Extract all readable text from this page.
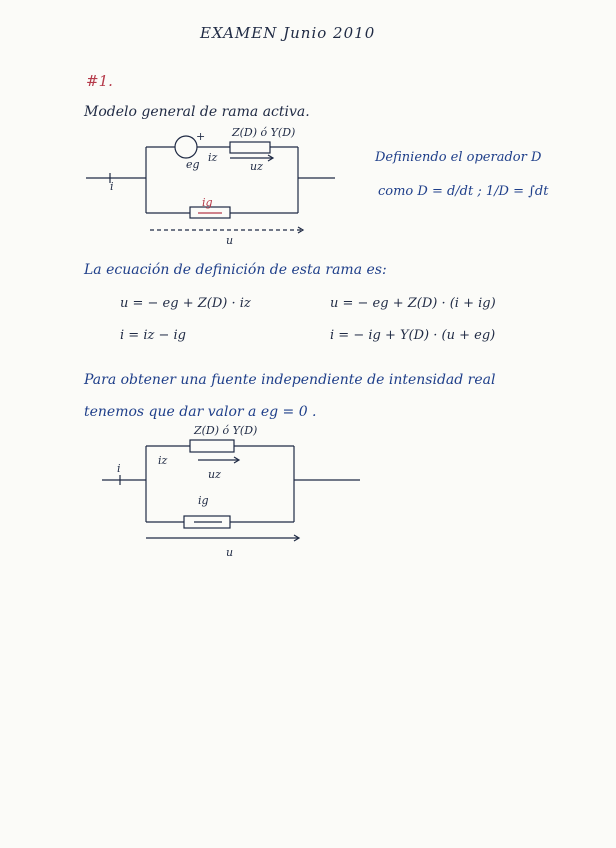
EXAMEN Junio 2010
#1.
Modelo general de rama activa.
+
eg
iz
Z(D) ó Y(D)
uz
i
ig
u
Definiendo el operador D
como D = d/dt ; 1/D = ∫dt
La ecuación de definición de esta rama es:
u = − eg + Z(D) · iz
i = iz − ig
u = − eg + Z(D) · (i + ig)
i = − ig + Y(D) · (u + eg)
Para obtener una fuente independiente de intensidad real
tenemos que dar valor a eg = 0 .
Z(D) ó Y(D)
iz
uz
i
ig
u
